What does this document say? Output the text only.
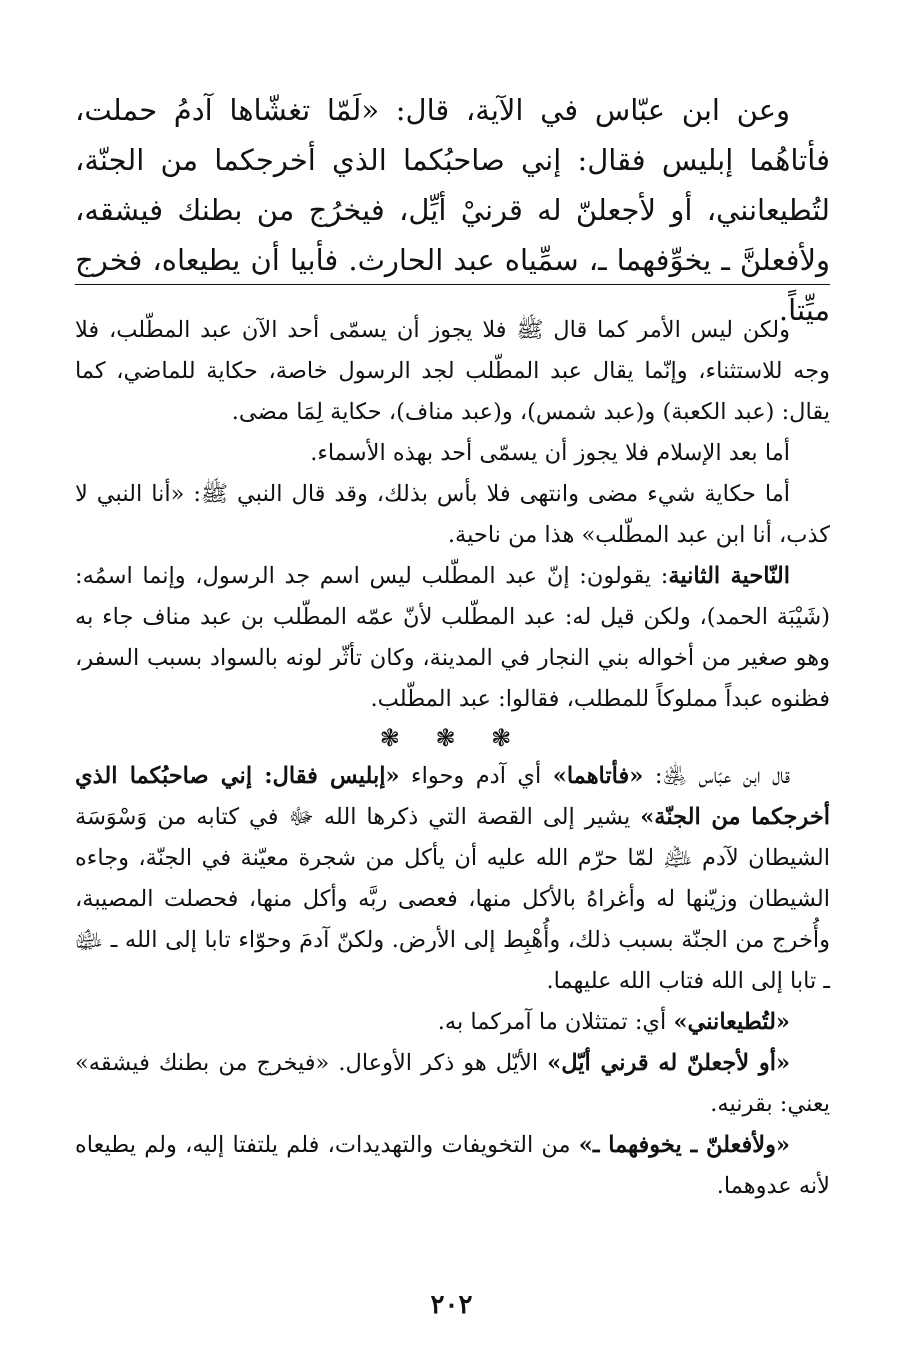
وعن ابن عبّاس في الآية، قال: «لَمّا تغشّاها آدمُ حملت، فأتاهُما إبليس فقال: إني صاحبُكما الذي أخرجكما من الجنّة، لتُطيعانني، أو لأجعلنّ له قرنيْ أيِّل، فيخرُج من بطنك فيشقه، ولأفعلنَّ ـ يخوِّفهما ـ، سمِّياه عبد الحارث. فأبيا أن يطيعاه، فخرج ميِّتاً.

ولكن ليس الأمر كما قال ﷺ فلا يجوز أن يسمّى أحد الآن عبد المطّلب، فلا وجه للاستثناء، وإنّما يقال عبد المطّلب لجد الرسول خاصة، حكاية للماضي، كما يقال: (عبد الكعبة) و(عبد شمس)، و(عبد مناف)، حكاية لِمَا مضى.

أما بعد الإسلام فلا يجوز أن يسمّى أحد بهذه الأسماء.

أما حكاية شيء مضى وانتهى فلا بأس بذلك، وقد قال النبي ﷺ: «أنا النبي لا كذب، أنا ابن عبد المطّلب» هذا من ناحية.

النّاحية الثانية: يقولون: إنّ عبد المطّلب ليس اسم جد الرسول، وإنما اسمُه: (شَيْبَة الحمد)، ولكن قيل له: عبد المطّلب لأنّ عمّه المطّلب بن عبد مناف جاء به وهو صغير من أخواله بني النجار في المدينة، وكان تأثّر لونه بالسواد بسبب السفر، فظنوه عبداً مملوكاً للمطلب، فقالوا: عبد المطّلب.

❃ ❃ ❃

قال ابن عبّاس ﵁: «فأتاهما» أي آدم وحواء «إبليس فقال: إني صاحبُكما الذي أخرجكما من الجنّة» يشير إلى القصة التي ذكرها الله ﷻ في كتابه من وَسْوَسَة الشيطان لآدم ﵇ لمّا حرّم الله عليه أن يأكل من شجرة معيّنة في الجنّة، وجاءه الشيطان وزيّنها له وأغراهُ بالأكل منها، فعصى ربَّه وأكل منها، فحصلت المصيبة، وأُخرج من الجنّة بسبب ذلك، وأُهْبِط إلى الأرض. ولكنّ آدمَ وحوّاء تابا إلى الله ـ ﵉ ـ تابا إلى الله فتاب الله عليهما.

«لتُطيعانني» أي: تمتثلان ما آمركما به.

«أو لأجعلنّ له قرني أيّل» الأيّل هو ذكر الأوعال. «فيخرج من بطنك فيشقه» يعني: بقرنيه.

«ولأفعلنّ ـ يخوفهما ـ» من التخويفات والتهديدات، فلم يلتفتا إليه، ولم يطيعاه لأنه عدوهما.

٢٠٢
